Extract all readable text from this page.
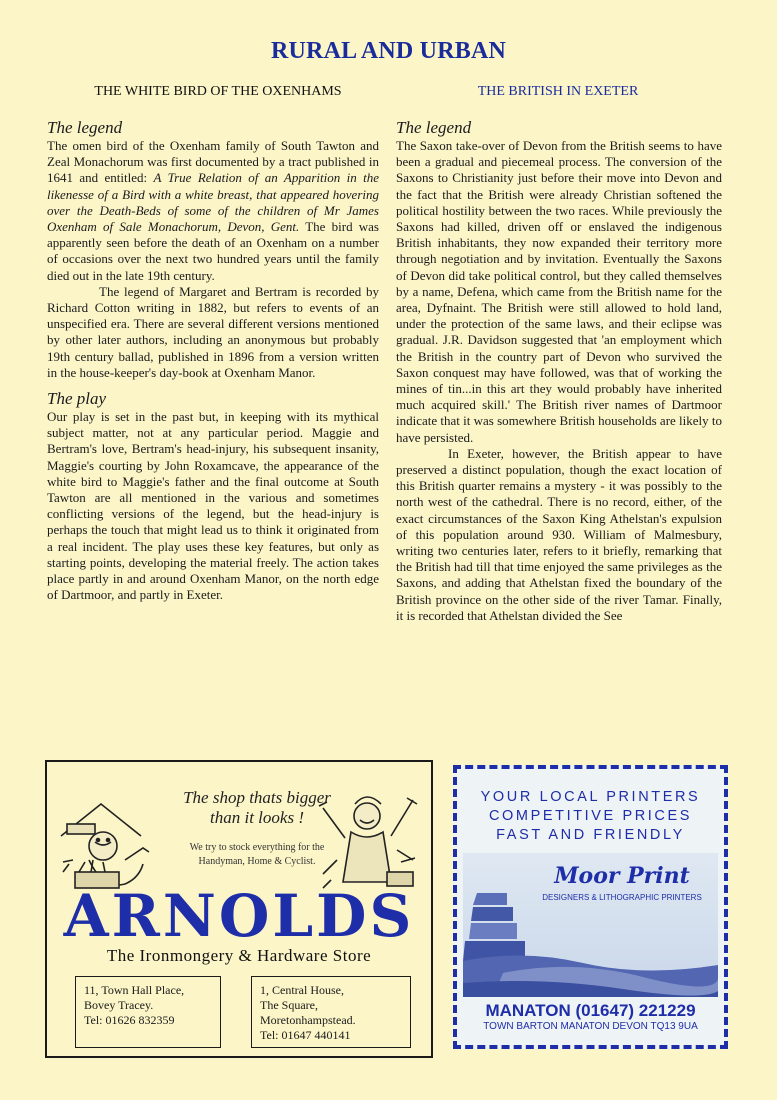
RURAL AND URBAN
THE WHITE BIRD OF THE OXENHAMS	THE BRITISH IN EXETER
The legend

The omen bird of the Oxenham family of South Tawton and Zeal Monachorum was first documented by a tract published in 1641 and entitled: A True Relation of an Apparition in the likenesse of a Bird with a white breast, that appeared hovering over the Death-Beds of some of the children of Mr James Oxenham of Sale Monachorum, Devon, Gent. The bird was apparently seen before the death of an Oxenham on a number of occasions over the next two hundred years until the family died out in the late 19th century.

The legend of Margaret and Bertram is recorded by Richard Cotton writing in 1882, but refers to events of an unspecified era. There are several different versions mentioned by other later authors, including an anonymous but probably 19th century ballad, published in 1896 from a version written in the house-keeper's day-book at Oxenham Manor.

The play

Our play is set in the past but, in keeping with its mythical subject matter, not at any particular period. Maggie and Bertram's love, Bertram's head-injury, his subsequent insanity, Maggie's courting by John Roxamcave, the appearance of the white bird to Maggie's father and the final outcome at South Tawton are all mentioned in the various and sometimes conflicting versions of the legend, but the head-injury is perhaps the touch that might lead us to think it originated from a real incident. The play uses these key features, but only as starting points, developing the material freely. The action takes place partly in and around Oxenham Manor, on the north edge of Dartmoor, and partly in Exeter.

The legend

The Saxon take-over of Devon from the British seems to have been a gradual and piecemeal process. The conversion of the Saxons to Christianity just before their move into Devon and the fact that the British were already Christian softened the political hostility between the two races. While previously the Saxons had killed, driven off or enslaved the indigenous British inhabitants, they now expanded their territory more through negotiation and by invitation. Eventually the Saxons of Devon did take political control, but they called themselves by a name, Defena, which came from the British name for the area, Dyfnaint. The British were still allowed to hold land, under the protection of the same laws, and their eclipse was gradual. J.R. Davidson suggested that 'an employment which the British in the country part of Devon who survived the Saxon conquest may have followed, was that of working the mines of tin...in this art they would probably have inherited much acquired skill.' The British river names of Dartmoor indicate that it was somewhere British households are likely to have persisted.

In Exeter, however, the British appear to have preserved a distinct population, though the exact location of this British quarter remains a mystery - it was possibly to the north west of the cathedral. There is no record, either, of the exact circumstances of the Saxon King Athelstan's expulsion of this population around 930. William of Malmesbury, writing two centuries later, refers to it briefly, remarking that the British had till that time enjoyed the same privileges as the Saxons, and adding that Athelstan fixed the boundary of the British province on the other side of the river Tamar. Finally, it is recorded that Athelstan divided the See

The shop thats bigger
than it looks !
We try to stock everything for the
Handyman, Home & Cyclist.
ARNOLDS
The Ironmongery & Hardware Store
11, Town Hall Place,
Bovey Tracey.
Tel: 01626 832359
1, Central House,
The Square,
Moretonhampstead.
Tel: 01647 440141
YOUR LOCAL PRINTERS
COMPETITIVE PRICES
FAST AND FRIENDLY
Moor Print
DESIGNERS & LITHOGRAPHIC PRINTERS
MANATON (01647) 221229
TOWN BARTON MANATON DEVON TQ13 9UA
